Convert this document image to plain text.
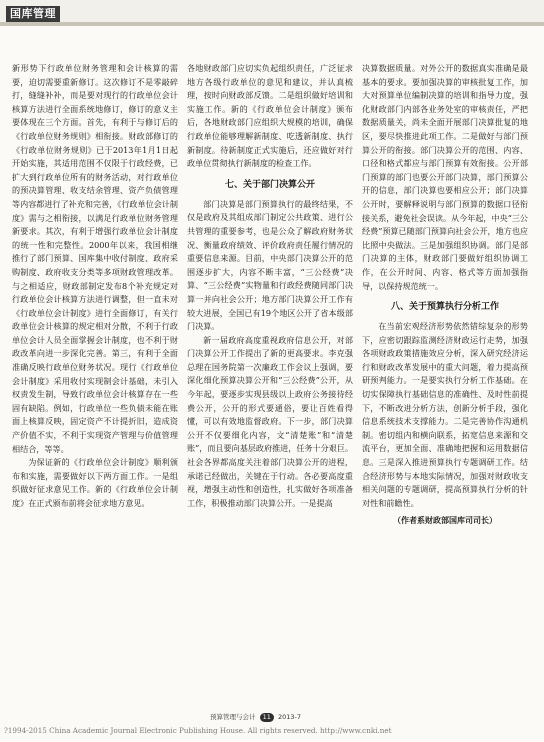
国库管理

新形势下行政单位财务管理和会计核算的需要，迫切需要重新修订。这次修订不是零敲碎打，缝缝补补，而是要对现行的行政单位会计核算方法进行全面系统地修订，修订的意义主要体现在三个方面。首先，有利于与修订后的《行政单位财务规则》相衔接。财政部修订的《行政单位财务规则》已于2013年1月1日起开始实施，其适用范围不仅限于行政经费，已扩大到行政单位所有的财务活动，对行政单位的预决算管理、收支结余管理、资产负债管理等内容都进行了补充和完善，《行政单位会计制度》需与之相衔接，以满足行政单位财务管理新要求。其次，有利于增强行政单位会计制度的统一性和完整性。2000年以来，我国相继推行了部门预算、国库集中收付制度、政府采购制度、政府收支分类等多项财政管理改革。与之相适应，财政部制定发布8个补充规定对行政单位会计核算方法进行调整，但一直未对《行政单位会计制度》进行全面修订，有关行政单位会计核算的规定相对分散，不利于行政单位会计人员全面掌握会计制度，也不利于财政改革向进一步深化完善。第三，有利于全面准确反映行政单位财务状况。现行《行政单位会计制度》采用收付实现制会计基础，未引入权责发生制，导致行政单位会计核算存在一些固有缺陷。例如，行政单位一些负债未能在账面上核算反映，固定资产不计提折旧，造成资产价值不实，不利于实现资产管理与价值管理相结合，等等。

为保证新的《行政单位会计制度》顺利颁布和实施，需要做好以下两方面工作。一是组织做好征求意见工作。新的《行政单位会计制度》在正式颁布前将会征求地方意见。

各地财政部门应切实负起组织责任，广泛征求地方各级行政单位的意见和建议，并认真梳理，按时向财政部反馈。二是组织做好培训和实施工作。新的《行政单位会计制度》颁布后，各地财政部门应组织大规模的培训，确保行政单位能够理解新制度、吃透新制度、执行新制度。待新制度正式实施后，还应做好对行政单位贯彻执行新制度的检查工作。

七、关于部门决算公开

部门决算是部门预算执行的最终结果，不仅是政府及其组成部门制定公共政策、进行公共管理的重要参考，也是公众了解政府财务状况、衡量政府绩效、评价政府责任履行情况的重要信息来源。目前，中央部门决算公开的范围逐步扩大，内容不断丰富，“三公经费”决算、“三公经费”实物量和行政经费随同部门决算一并向社会公开；地方部门决算公开工作有较大进展，全国已有19个地区公开了省本级部门决算。

新一届政府高度重视政府信息公开，对部门决算公开工作提出了新的更高要求。李克强总理在国务院第一次廉政工作会议上强调，要深化细化预算决算公开和“三公经费”公开，从今年起，要逐步实现县级以上政府公务接待经费公开，公开的形式要通俗，要让百姓看得懂，可以有效地监督政府。下一步，部门决算公开不仅要细化内容，文“清楚账”和“清楚账”，而且要向基层政府推进，任务十分艰巨。社会各界都高度关注着部门决算公开的进程，承诺已经做出，关键在于行动。各必要高度重视，增强主动性和创造性，扎实做好各项准备工作，积极推动部门决算公开。一是提高

决算数据质量。对外公开的数据真实准确是最基本的要求。要加强决算的审核批复工作，加大对预算单位编制决算的培训和指导力度，强化财政部门内部各业务处室的审核责任，严把数据质量关，尚未全面开展部门决算批复的地区，要尽快推进此项工作。二是做好与部门预算公开的衔接。部门决算公开的范围、内容、口径和格式都应与部门预算有效衔接。公开部门预算的部门也要公开部门决算，部门预算公开的信息，部门决算也要相应公开；部门决算公开时，要解释说明与部门预算的数据口径衔接关系，避免社会误读。从今年起，中央“三公经费”预算已随部门预算向社会公开，地方也应比照中央做法。三是加强组织协调。部门是部门决算的主体，财政部门要做好组织协调工作，在公开时间、内容、格式等方面加强指导，以保持规范统一。

八、关于预算执行分析工作

在当前宏观经济形势依然错综复杂的形势下，应密切跟踪监测经济财政运行走势，加强各项财政政策措施效应分析，深入研究经济运行和财政改革发展中的重大问题，着力提高预研预判能力。一是要实执行分析工作基础。在切实保障执行基础信息的准确性、及时性前提下，不断改进分析方法，创新分析手段，强化信息系统技术支撑能力。二是完善协作沟通机制。密切组内和横向联系，拓宽信息来源和交流平台，更加全面、准确地把握和运用数据信息。三是深入推进预算执行专题调研工作。结合经济形势与本地实际情况，加强对财政收支相关问题的专题调研，提高预算执行分析的针对性和前瞻性。

（作者系财政部国库司司长）
预算管理与会计 11 2013-7
?1994-2015 China Academic Journal Electronic Publishing House. All rights reserved. http://www.cnki.net
